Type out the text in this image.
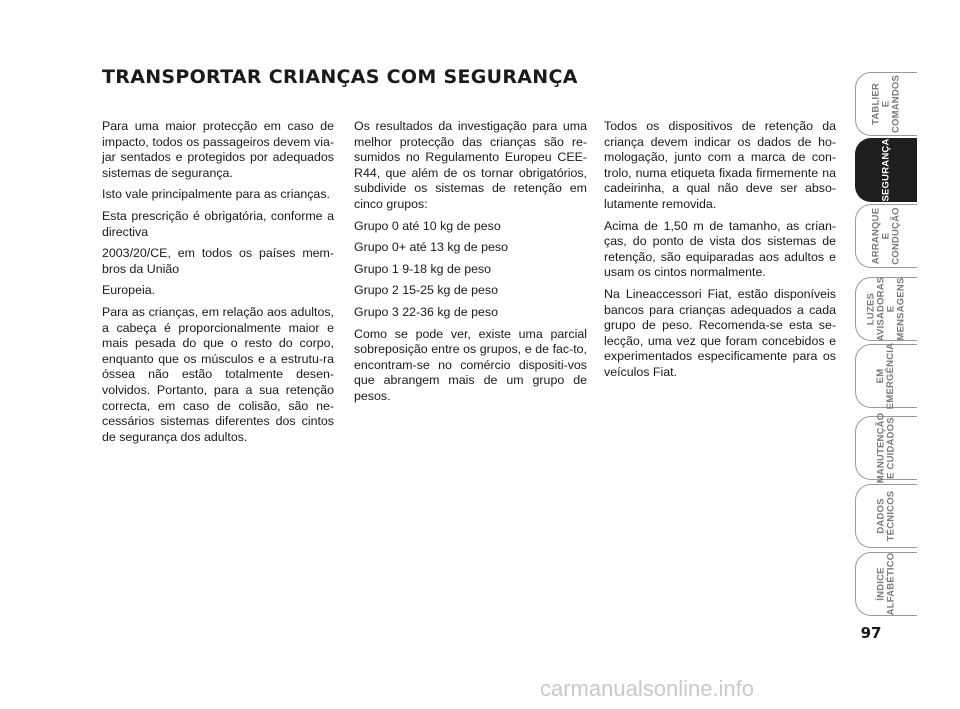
TRANSPORTAR CRIANÇAS COM SEGURANÇA

Para uma maior protecção em caso de impacto, todos os passageiros devem via-jar sentados e protegidos por adequados sistemas de segurança.

Isto vale principalmente para as crianças.

Esta prescrição é obrigatória, conforme a directiva

2003/20/CE, em todos os países mem-bros da União

Europeia.

Para as crianças, em relação aos adultos, a cabeça é proporcionalmente maior e mais pesada do que o resto do corpo, enquanto que os músculos e a estrutu-ra óssea não estão totalmente desen-volvidos. Portanto, para a sua retenção correcta, em caso de colisão, são ne-cessários sistemas diferentes dos cintos de segurança dos adultos.

Os resultados da investigação para uma melhor protecção das crianças são re-sumidos no Regulamento Europeu CEE-R44, que além de os tornar obrigatórios, subdivide os sistemas de retenção em cinco grupos:

Grupo 0 até 10 kg de peso

Grupo 0+ até 13 kg de peso

Grupo 1 9-18 kg de peso

Grupo 2 15-25 kg de peso

Grupo 3 22-36 kg de peso

Como se pode ver, existe uma parcial sobreposição entre os grupos, e de fac-to, encontram-se no comércio dispositi-vos que abrangem mais de um grupo de pesos.

Todos os dispositivos de retenção da criança devem indicar os dados de ho-mologação, junto com a marca de con-trolo, numa etiqueta fixada firmemente na cadeirinha, a qual não deve ser abso-lutamente removida.

Acima de 1,50 m de tamanho, as crian-ças, do ponto de vista dos sistemas de retenção, são equiparadas aos adultos e usam os cintos normalmente.

Na Lineaccessori Fiat, estão disponíveis bancos para crianças adequados a cada grupo de peso. Recomenda-se esta se-lecção, uma vez que foram concebidos e experimentados especificamente para os veículos Fiat.

TABLIER
E COMANDOS
SEGURANÇA
ARRANQUE
E CONDUÇÃO
LUZES
AVISADORAS
E MENSAGENS
EM
EMERGÊNCIA
MANUTENÇÃO
E CUIDADOS
DADOS
TÉCNICOS
ÍNDICE
ALFABÉTICO
97
carmanualsonline.info
